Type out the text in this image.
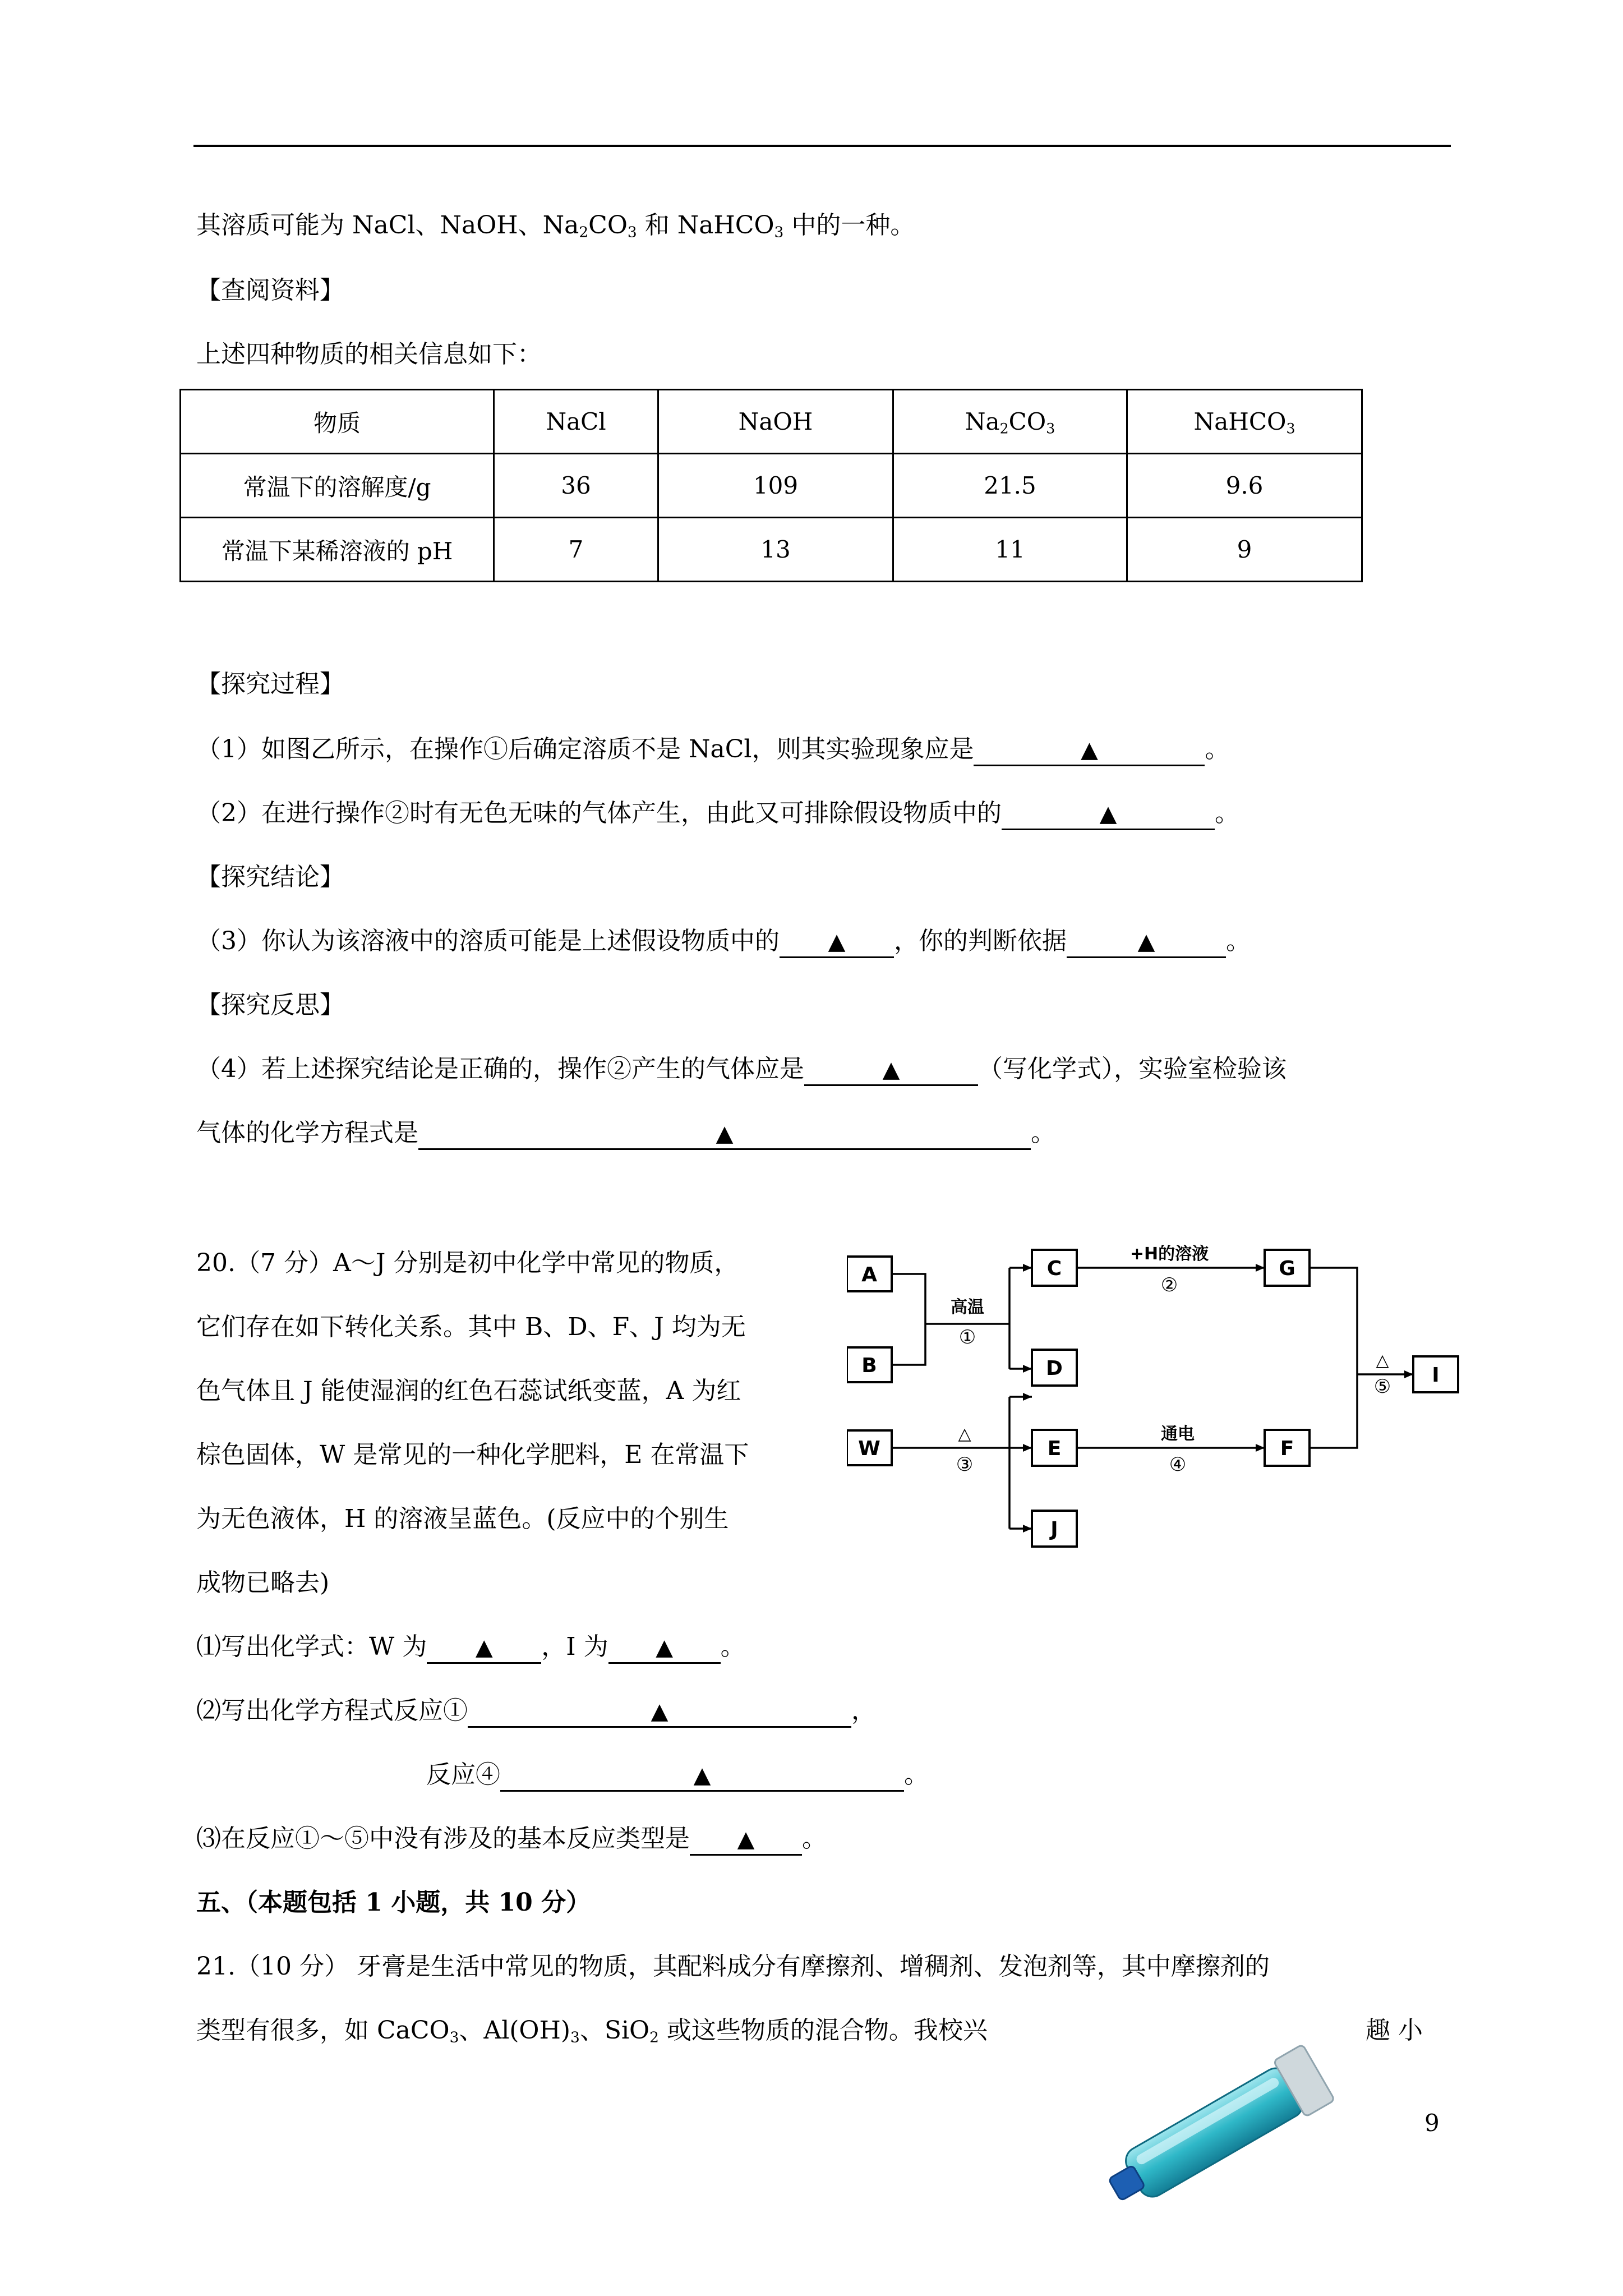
其溶质可能为 NaCl、NaOH、$Na_2CO_3$ 和 NaHCO$_3$ 中的一种。
【查阅资料】
上述四种物质的相关信息如下：
物质	NaCl	NaOH	$Na_2CO_3$	NaHCO$_3$
常温下的溶解度/g	36	109	21.5	9.6
常温下某稀溶液的 pH	7	13	11	9
【探究过程】
（1）如图乙所示，在操作①后确定溶质不是 NaCl，则其实验现象应是	▲	。
（2）在进行操作②时有无色无味的气体产生，由此又可排除假设物质中的	▲	。
【探究结论】
（3）你认为该溶液中的溶质可能是上述假设物质中的 ▲ ，你的判断依据	▲	。
【探究反思】
（4）若上述探究结论是正确的，操作②产生的气体应是	▲	（写化学式），实验室检验该
气体的化学方程式是	▲	。
20.（7 分）A～J 分别是初中化学中常见的物质，
它们存在如下转化关系。其中 B、D、F、J 均为无
色气体且 J 能使湿润的红色石蕊试纸变蓝，A 为红
棕色固体，W 是常见的一种化学肥料，E 在常温下
为无色液体，H 的溶液呈蓝色。(反应中的个别生
成物已略去)
A
B
W
C
D
E
J
G
F
I
高温
①
+H的溶液
②
△
③
通电
④
△
⑤
⑴写出化学式：W 为 ▲ ，I 为 ▲ 。
⑵写出化学方程式反应①	▲	，
反应④	▲	。
⑶在反应①～⑤中没有涉及的基本反应类型是 ▲ 。
五、（本题包括 1 小题，共 10 分）
21.（10 分） 牙膏是生活中常见的物质，其配料成分有摩擦剂、增稠剂、发泡剂等，其中摩擦剂的
类型有很多，如 CaCO$_3$、$Al(OH)_3$、SiO$_2$ 或这些物质的混合物。我校兴	趣 小
9
